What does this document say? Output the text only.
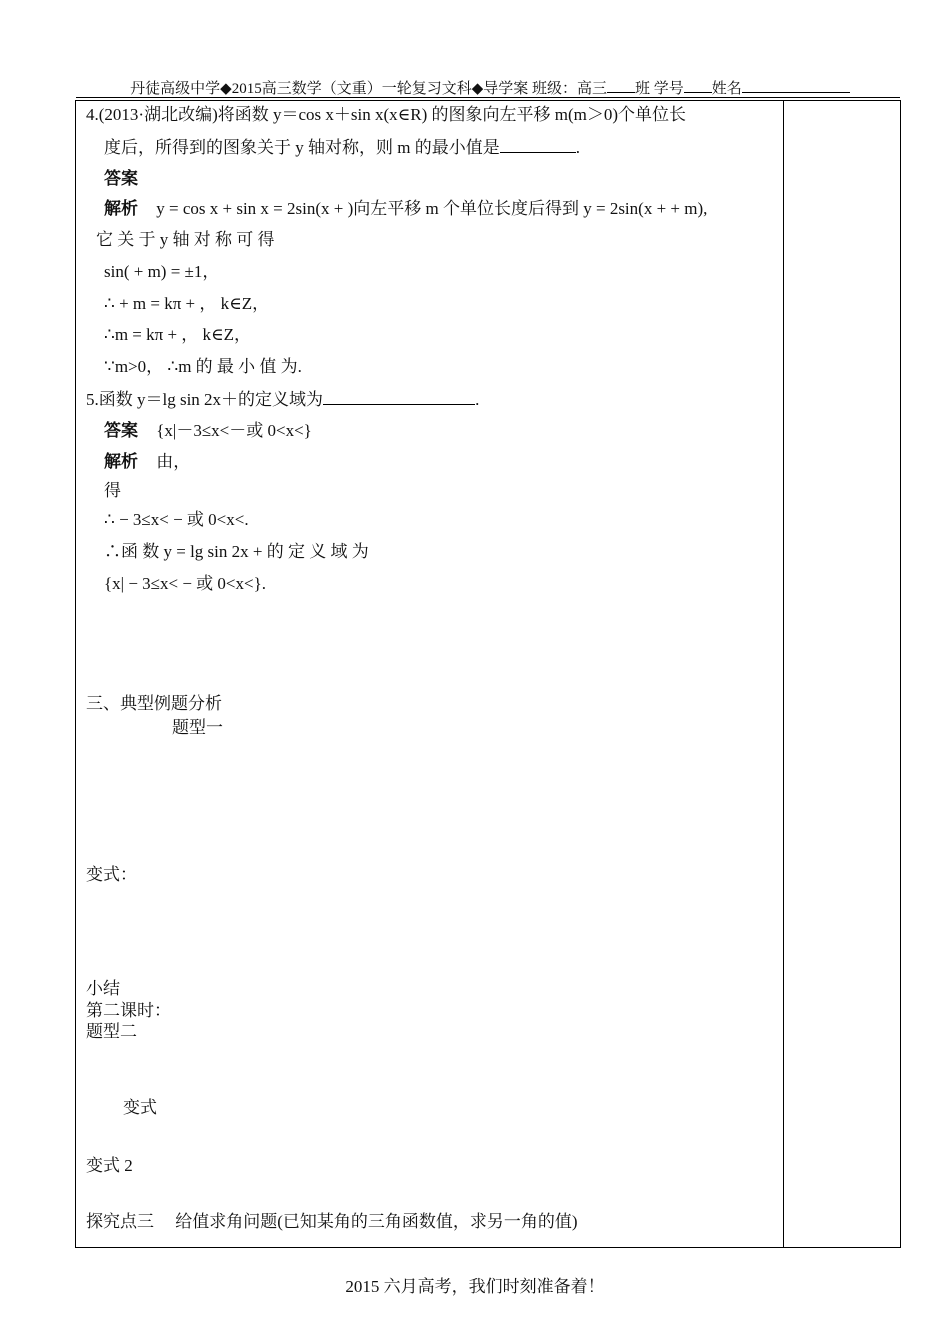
丹徒高级中学◆2015高三数学（文重）一轮复习文科◆导学案 班级：高三 班 学号 姓名
4.(2013·湖北改编)将函数 y＝cos x＋sin x(x∈R) 的图象向左平移 m(m＞0)个单位长
度后，所得到的图象关于 y 轴对称，则 m 的最小值是	.
答案
解析 y = cos x + sin x = 2sin(x + )向左平移 m 个单位长度后得到 y = 2sin(x + + m),
它 关 于 y 轴 对 称 可 得
sin( + m) = ±1，
∴ + m = kπ + ， k∈Z，
∴m = kπ + ， k∈Z，
∵m>0， ∴m 的 最 小 值 为.
5.函数 y＝lg sin 2x＋的定义域为	.
答案 {x|－3≤x<－或 0<x<}
解析 由，
得
∴ − 3≤x< − 或 0<x<.
∴函 数 y = lg sin 2x + 的 定 义 域 为
{x| − 3≤x< − 或 0<x<}.
三、典型例题分析
题型一
变式：
小结
第二课时：
题型二
变式
变式 2
探究点三　 给值求角问题(已知某角的三角函数值，求另一角的值)
2015 六月高考，我们时刻准备着！
